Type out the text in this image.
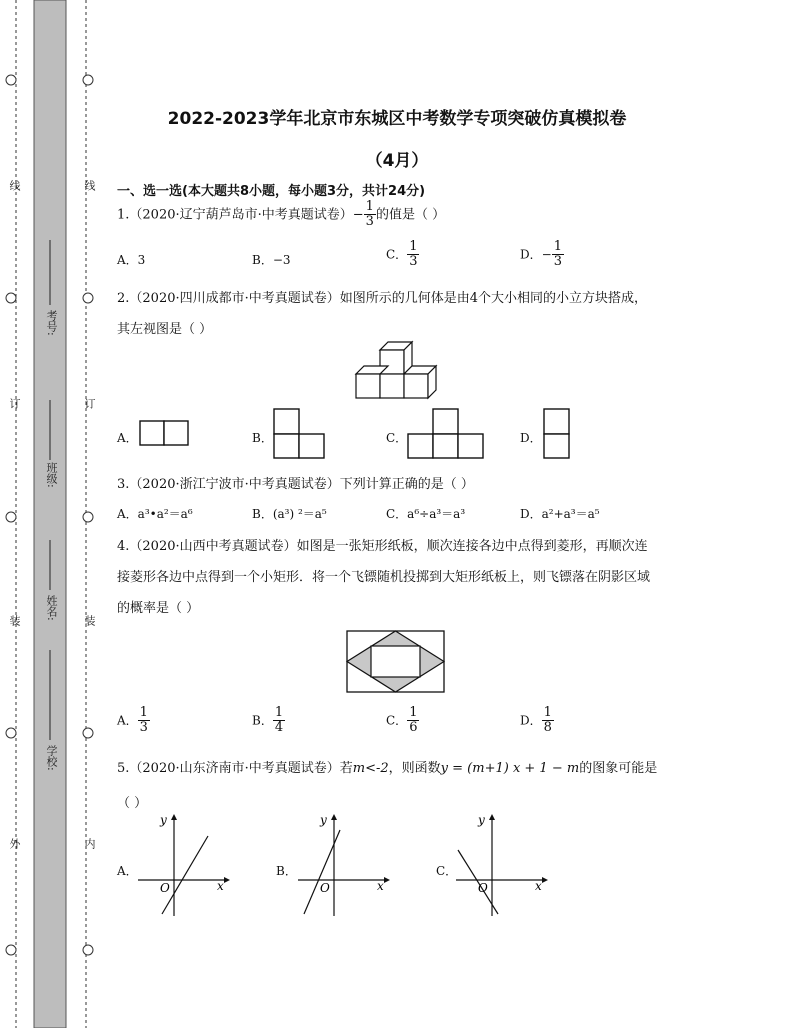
线
订
装
外
线
订
装
内
考号:
班级:
姓名:
学校:
2022-2023学年北京市东城区中考数学专项突破仿真模拟卷
（4月）
一、选一选(本大题共8小题，每小题3分，共计24分)
1.（2020·辽宁葫芦岛市·中考真题试卷）− $\frac{1}{3}$ 的值是（ ）
A．3	B．−3	C． $\frac{1}{3}$	D．− $\frac{1}{3}$
2.（2020·四川成都市·中考真题试卷）如图所示的几何体是由4个大小相同的小立方块搭成，
其左视图是（ ）
A．	B．	C．	D．
3.（2020·浙江宁波市·中考真题试卷）下列计算正确的是（ ）
A．a³•a²＝a⁶	B．(a³) ²＝a⁵	C．a⁶÷a³＝a³	D．a²+a³＝a⁵
4.（2020·山西中考真题试卷）如图是一张矩形纸板，顺次连接各边中点得到菱形，再顺次连
接菱形各边中点得到一个小矩形．将一个飞镖随机投掷到大矩形纸板上，则飞镖落在阴影区域
的概率是（ ）
A． $\frac{1}{3}$	B． $\frac{1}{4}$	C． $\frac{1}{6}$	D． $\frac{1}{8}$
5.（2020·山东济南市·中考真题试卷）若m<-2，则函数y = (m+1) x + 1 − m的图象可能是
（ ）
A．
y
x
O
B．
y
x
O
C．
y
x
O
